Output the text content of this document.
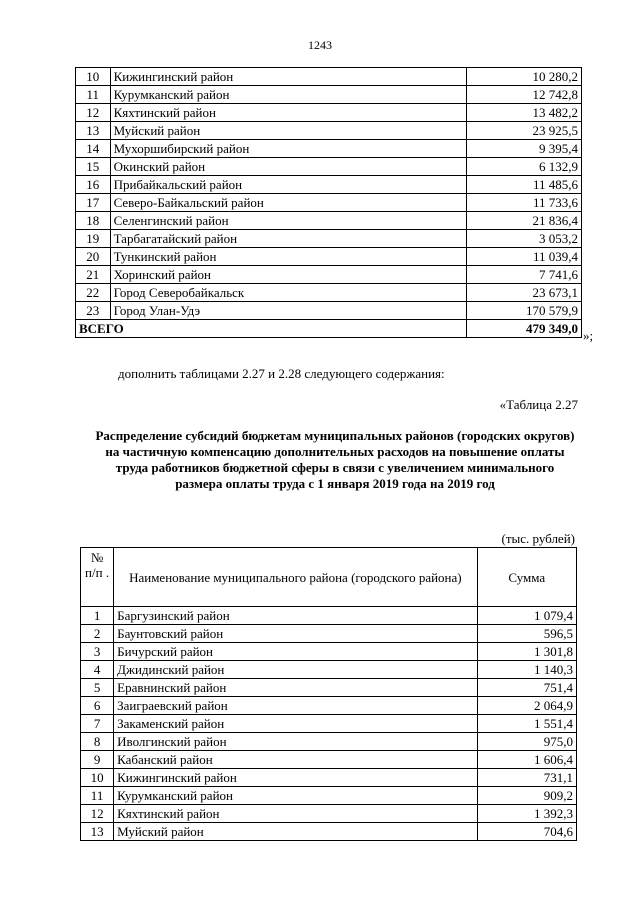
1243
10	Кижингинский район	10 280,2
11	Курумканский район	12 742,8
12	Кяхтинский район	13 482,2
13	Муйский район	23 925,5
14	Мухоршибирский район	9 395,4
15	Окинский район	6 132,9
16	Прибайкальский район	11 485,6
17	Северо-Байкальский район	11 733,6
18	Селенгинский район	21 836,4
19	Тарбагатайский район	3 053,2
20	Тункинский район	11 039,4
21	Хоринский район	7 741,6
22	Город Северобайкальск	23 673,1
23	Город Улан-Удэ	170 579,9
ВСЕГО		479 349,0 »;
дополнить таблицами 2.27 и 2.28 следующего содержания:
«Таблица 2.27
Распределение субсидий бюджетам муниципальных районов (городских округов) на частичную компенсацию дополнительных расходов на повышение оплаты труда работников бюджетной сферы в связи с увеличением минимального размера оплаты труда с 1 января 2019 года на 2019 год
(тыс. рублей)
№ п/п .	Наименование муниципального района (городского района)	Сумма
1	Баргузинский район	1 079,4
2	Баунтовский район	596,5
3	Бичурский район	1 301,8
4	Джидинский район	1 140,3
5	Еравнинский район	751,4
6	Заиграевский район	2 064,9
7	Закаменский район	1 551,4
8	Иволгинский район	975,0
9	Кабанский район	1 606,4
10	Кижингинский район	731,1
11	Курумканский район	909,2
12	Кяхтинский район	1 392,3
13	Муйский район	704,6
